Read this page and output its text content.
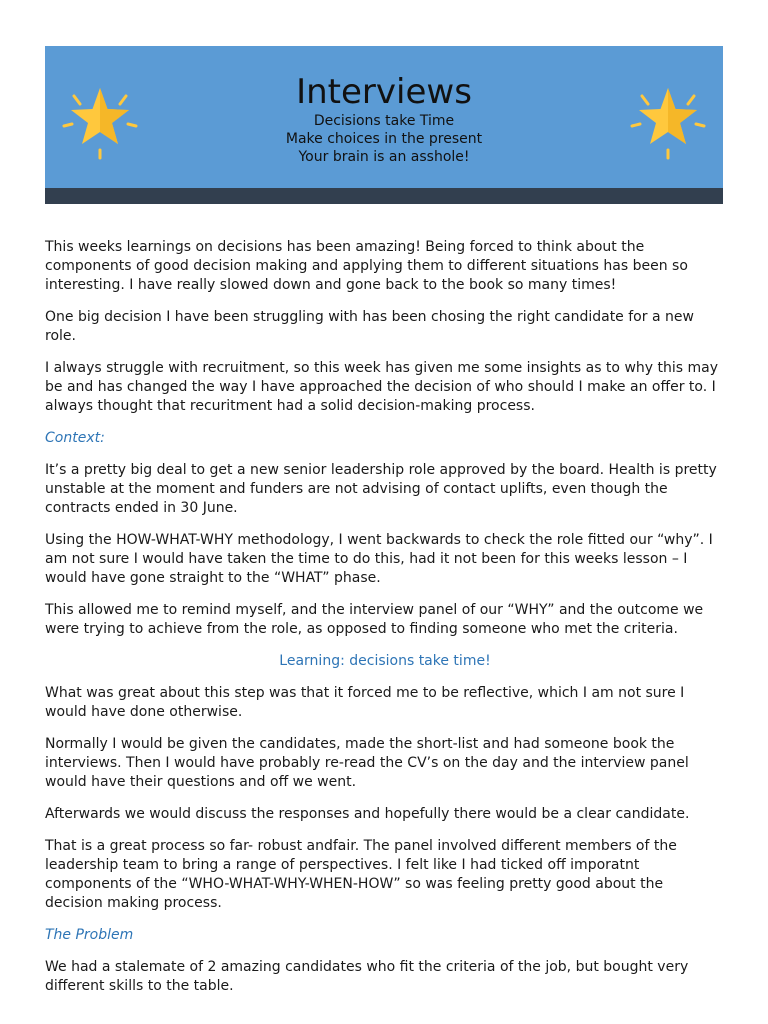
Interviews
Decisions take Time
Make choices in the present
Your brain is an asshole!

This weeks learnings on decisions has been amazing! Being forced to think about the components of good decision making and applying them to different situations has been so interesting. I have really slowed down and gone back to the book so many times!

One big decision I have been struggling with has been chosing the right candidate for a new role.

I always struggle with recruitment, so this week has given me some insights as to why this may be and has changed the way I have approached the decision of who should I make an offer to. I always thought that recuritment had a solid decision-making process.

Context:

It’s a pretty big deal to get a new senior leadership role approved by the board. Health is pretty unstable at the moment and funders are not advising of contact uplifts, even though the contracts ended in 30 June.

Using the HOW-WHAT-WHY methodology, I went backwards to check the role fitted our “why”. I am not sure I would have taken the time to do this, had it not been for this weeks lesson – I would have gone straight to the “WHAT” phase.

This allowed me to remind myself, and the interview panel of our “WHY” and the outcome we were trying to achieve from the role, as opposed to finding someone who met the criteria.

Learning: decisions take time!

What was great about this step was that it forced me to be reflective, which I am not sure I would have done otherwise.

Normally I would be given the candidates, made the short-list and had someone book the interviews. Then I would have probably re-read the CV’s on the day and the interview panel would have their questions and off we went.

Afterwards we would discuss the responses and hopefully there would be a clear candidate.

That is a great process so far- robust andfair. The panel involved different members of the leadership team to bring a range of perspectives. I felt like I had ticked off imporatnt components of the “WHO-WHAT-WHY-WHEN-HOW” so was feeling pretty good about the decision making process.

The Problem

We had a stalemate of 2 amazing candidates who fit the criteria of the job, but bought very different skills to the table.
